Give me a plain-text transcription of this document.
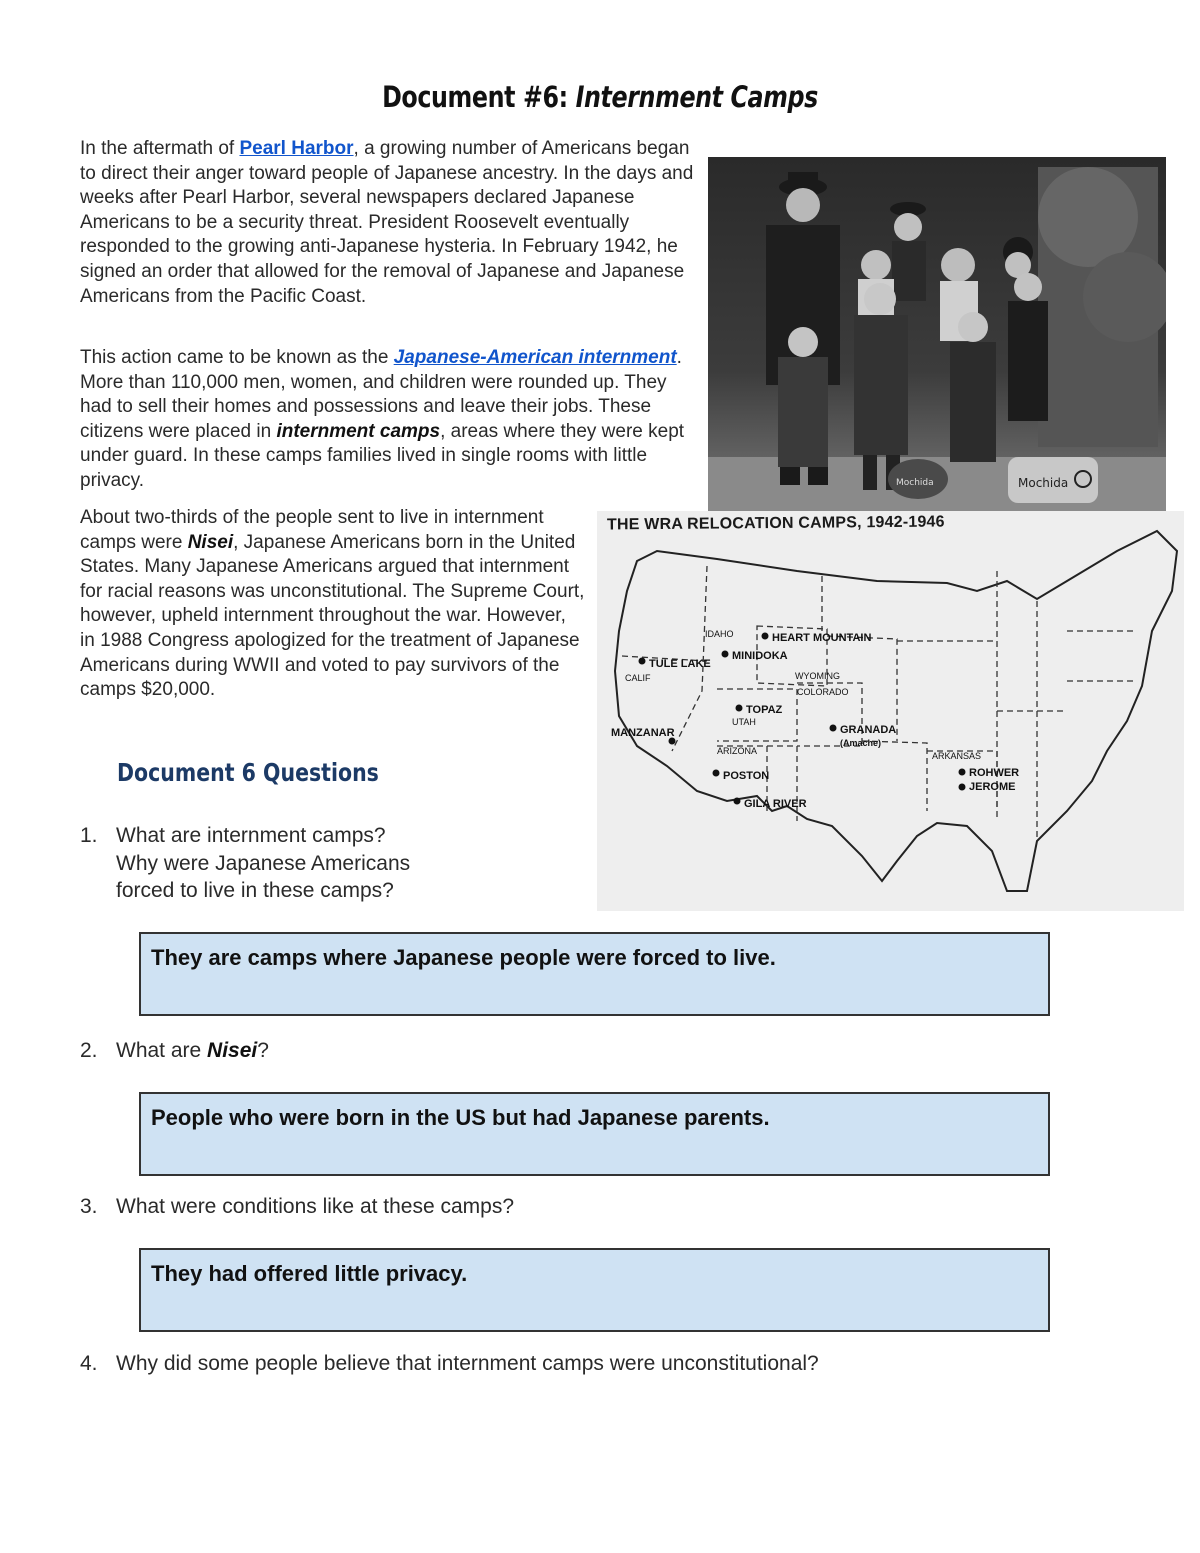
Document #6: Internment Camps
In the aftermath of Pearl Harbor, a growing number of Americans began to direct their anger toward people of Japanese ancestry. In the days and weeks after Pearl Harbor, several newspapers declared Japanese Americans to be a security threat. President Roosevelt eventually responded to the growing anti-Japanese hysteria. In February 1942, he signed an order that allowed for the removal of Japanese and Japanese Americans from the Pacific Coast.
This action came to be known as the Japanese-American internment. More than 110,000 men, women, and children were rounded up. They had to sell their homes and possessions and leave their jobs. These citizens were placed in internment camps, areas where they were kept under guard. In these camps families lived in single rooms with little privacy.
About two-thirds of the people sent to live in internment camps were Nisei, Japanese Americans born in the United States. Many Japanese Americans argued that internment for racial reasons was unconstitutional. The Supreme Court, however, upheld internment throughout the war. However, in 1988 Congress apologized for the treatment of Japanese Americans during WWII and voted to pay survivors of the camps $20,000.
Mochida
Mochida
THE WRA RELOCATION CAMPS, 1942-1946
IDAHO
WYOMING
CALIF
UTAH
COLORADO
ARIZONA	ARKANSAS
HEART MOUNTAIN
MINIDOKA
TULE LAKE
TOPAZ
GRANADA
(Amache)
MANZANAR
POSTON
GILA RIVER
ROHWER
JEROME
Document 6 Questions
1. What are internment camps?
Why were Japanese Americans
forced to live in these camps?
They are camps where Japanese people were forced to live.
2. What are Nisei?
People who were born in the US but had Japanese parents.
3. What were conditions like at these camps?
They had offered little privacy.
4. Why did some people believe that internment camps were unconstitutional?
